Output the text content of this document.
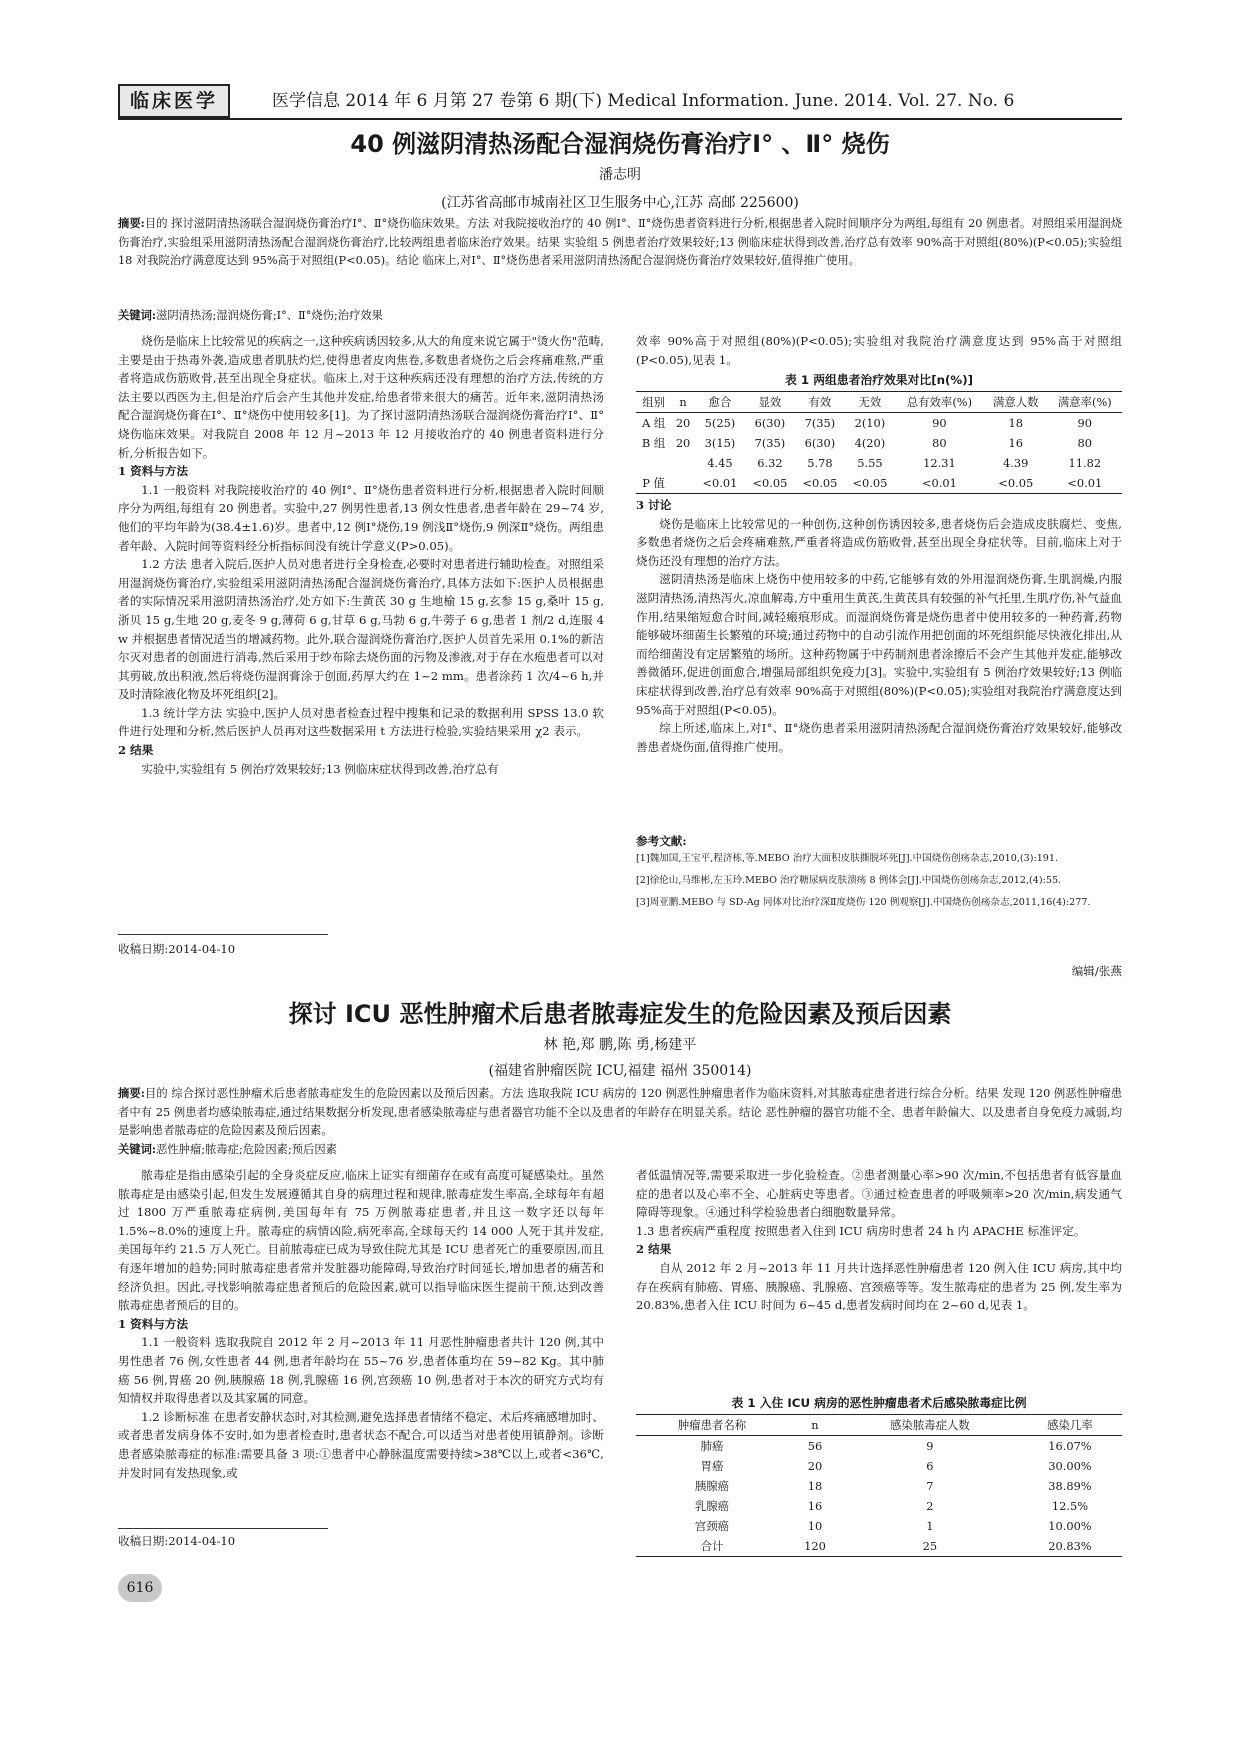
临床医学	医学信息 2014 年 6 月第 27 卷第 6 期(下) Medical Information. June. 2014. Vol. 27. No. 6
40 例滋阴清热汤配合湿润烧伤膏治疗Ⅰ° 、Ⅱ° 烧伤
潘志明
(江苏省高邮市城南社区卫生服务中心,江苏 高邮 225600)
摘要:目的 探讨滋阴清热汤联合湿润烧伤膏治疗Ⅰ°、Ⅱ°烧伤临床效果。方法 对我院接收治疗的 40 例Ⅰ°、Ⅱ°烧伤患者资料进行分析,根据患者入院时间顺序分为两组,每组有 20 例患者。对照组采用湿润烧伤膏治疗,实验组采用滋阴清热汤配合湿润烧伤膏治疗,比较两组患者临床治疗效果。结果 实验组 5 例患者治疗效果较好;13 例临床症状得到改善,治疗总有效率 90%高于对照组(80%)(P<0.05);实验组 18 对我院治疗满意度达到 95%高于对照组(P<0.05)。结论 临床上,对Ⅰ°、Ⅱ°烧伤患者采用滋阴清热汤配合湿润烧伤膏治疗效果较好,值得推广使用。
关键词:滋阴清热汤;湿润烧伤膏;Ⅰ°、Ⅱ°烧伤;治疗效果

烧伤是临床上比较常见的疾病之一,这种疾病诱因较多,从大的角度来说它属于"烫火伤"范畴,主要是由于热毒外袭,造成患者肌肤灼烂,使得患者皮肉焦卷,多数患者烧伤之后会疼痛难熬,严重者将造成伤筋败骨,甚至出现全身症状。临床上,对于这种疾病还没有理想的治疗方法,传统的方法主要以西医为主,但是治疗后会产生其他并发症,给患者带来很大的痛苦。近年来,滋阴清热汤配合湿润烧伤膏在Ⅰ°、Ⅱ°烧伤中使用较多[1]。为了探讨滋阴清热汤联合湿润烧伤膏治疗Ⅰ°、Ⅱ°烧伤临床效果。对我院自 2008 年 12 月~2013 年 12 月接收治疗的 40 例患者资料进行分析,分析报告如下。

1 资料与方法

1.1 一般资料 对我院接收治疗的 40 例Ⅰ°、Ⅱ°烧伤患者资料进行分析,根据患者入院时间顺序分为两组,每组有 20 例患者。实验中,27 例男性患者,13 例女性患者,患者年龄在 29~74 岁,他们的平均年龄为(38.4±1.6)岁。患者中,12 例Ⅰ°烧伤,19 例浅Ⅱ°烧伤,9 例深Ⅱ°烧伤。两组患者年龄、入院时间等资料经分析指标间没有统计学意义(P>0.05)。

1.2 方法 患者入院后,医护人员对患者进行全身检查,必要时对患者进行辅助检查。对照组采用湿润烧伤膏治疗,实验组采用滋阴清热汤配合湿润烧伤膏治疗,具体方法如下:医护人员根据患者的实际情况采用滋阴清热汤治疗,处方如下:生黄芪 30 g 生地榆 15 g,玄参 15 g,桑叶 15 g,浙贝 15 g,生地 20 g,麦冬 9 g,薄荷 6 g,甘草 6 g,马勃 6 g,牛蒡子 6 g,患者 1 剂/2 d,连服 4 w 并根据患者情况适当的增减药物。此外,联合湿润烧伤膏治疗,医护人员首先采用 0.1%的新洁尔灭对患者的创面进行消毒,然后采用于纱布除去烧伤面的污物及渗液,对于存在水疱患者可以对其剪破,放出积液,然后将烧伤湿润膏涂于创面,药厚大约在 1~2 mm。患者涂药 1 次/4~6 h,并及时清除液化物及坏死组织[2]。

1.3 统计学方法 实验中,医护人员对患者检查过程中搜集和记录的数据利用 SPSS 13.0 软件进行处理和分析,然后医护人员再对这些数据采用 t 方法进行检验,实验结果采用 χ2 表示。

2 结果

实验中,实验组有 5 例治疗效果较好;13 例临床症状得到改善,治疗总有

收稿日期:2014-04-10
效率 90%高于对照组(80%)(P<0.05);实验组对我院治疗满意度达到 95%高于对照组(P<0.05),见表 1。
表 1 两组患者治疗效果对比[n(%)]
组别	n	愈合	显效	有效	无效	总有效率(%)	满意人数	满意率(%)
A 组	20	5(25)	6(30)	7(35)	2(10)	90	18	90
B 组	20	3(15)	7(35)	6(30)	4(20)	80	16	80
		4.45	6.32	5.78	5.55	12.31	4.39	11.82
P 值		<0.01	<0.05	<0.05	<0.05	<0.01	<0.05	<0.01

3 讨论

烧伤是临床上比较常见的一种创伤,这种创伤诱因较多,患者烧伤后会造成皮肤腐烂、变焦,多数患者烧伤之后会疼痛难熬,严重者将造成伤筋败骨,甚至出现全身症状等。目前,临床上对于烧伤还没有理想的治疗方法。

滋阴清热汤是临床上烧伤中使用较多的中药,它能够有效的外用湿润烧伤膏,生肌润燥,内服滋阴清热汤,清热泻火,凉血解毒,方中重用生黄芪,生黄芪具有较强的补气托里,生肌疗伤,补气益血作用,结果缩短愈合时间,减轻瘢痕形成。而湿润烧伤膏是烧伤患者中使用较多的一种药膏,药物能够破坏细菌生长繁殖的环境;通过药物中的自动引流作用把创面的坏死组织能尽快液化排出,从而给细菌没有定居繁殖的场所。这种药物属于中药制剂患者涂擦后不会产生其他并发症,能够改善微循环,促进创面愈合,增强局部组织免疫力[3]。实验中,实验组有 5 例治疗效果较好;13 例临床症状得到改善,治疗总有效率 90%高于对照组(80%)(P<0.05);实验组对我院治疗满意度达到 95%高于对照组(P<0.05)。

综上所述,临床上,对Ⅰ°、Ⅱ°烧伤患者采用滋阴清热汤配合湿润烧伤膏治疗效果较好,能够改善患者烧伤面,值得推广使用。

参考文献:

[1]魏加国,王宝平,程济栋,等.MEBO 治疗大面积皮肤撕脱坏死[J].中国烧伤创疡杂志,2010,(3):191.

[2]徐伦山,马维彬,左玉玲.MEBO 治疗糖尿病皮肤溃疡 8 例体会[J].中国烧伤创疡杂志,2012,(4):55.

[3]周亚鹏.MEBO 与 SD-Ag 同体对比治疗深Ⅱ度烧伤 120 例观察[J].中国烧伤创疡杂志,2011,16(4):277.

编辑/张燕
探讨 ICU 恶性肿瘤术后患者脓毒症发生的危险因素及预后因素
林 艳,郑 鹏,陈 勇,杨建平
(福建省肿瘤医院 ICU,福建 福州 350014)
摘要:目的 综合探讨恶性肿瘤术后患者脓毒症发生的危险因素以及预后因素。方法 选取我院 ICU 病房的 120 例恶性肿瘤患者作为临床资料,对其脓毒症患者进行综合分析。结果 发现 120 例恶性肿瘤患者中有 25 例患者均感染脓毒症,通过结果数据分析发现,患者感染脓毒症与患者器官功能不全以及患者的年龄存在明显关系。结论 恶性肿瘤的器官功能不全、患者年龄偏大、以及患者自身免疫力减弱,均是影响患者脓毒症的危险因素及预后因素。
关键词:恶性肿瘤;脓毒症;危险因素;预后因素

脓毒症是指由感染引起的全身炎症反应,临床上证实有细菌存在或有高度可疑感染灶。虽然脓毒症是由感染引起,但发生发展遵循其自身的病理过程和规律,脓毒症发生率高,全球每年有超过 1800 万严重脓毒症病例,美国每年有 75 万例脓毒症患者,并且这一数字还以每年 1.5%~8.0%的速度上升。脓毒症的病情凶险,病死率高,全球每天约 14 000 人死于其并发症,美国每年约 21.5 万人死亡。目前脓毒症已成为导致住院尤其是 ICU 患者死亡的重要原因,而且有逐年增加的趋势;同时脓毒症患者常并发脏器功能障碍,导致治疗时间延长,增加患者的痛苦和经济负担。因此,寻找影响脓毒症患者预后的危险因素,就可以指导临床医生提前干预,达到改善脓毒症患者预后的目的。

1 资料与方法

1.1 一般资料 选取我院自 2012 年 2 月~2013 年 11 月恶性肿瘤患者共计 120 例,其中男性患者 76 例,女性患者 44 例,患者年龄均在 55~76 岁,患者体重均在 59~82 Kg。其中肺癌 56 例,胃癌 20 例,胰腺癌 18 例,乳腺癌 16 例,宫颈癌 10 例,患者对于本次的研究方式均有知情权并取得患者以及其家属的同意。

1.2 诊断标准 在患者安静状态时,对其检测,避免选择患者情绪不稳定、术后疼痛感增加时、或者患者发病身体不安时,如为患者检查时,患者状态不配合,可以适当对患者使用镇静剂。诊断患者感染脓毒症的标准:需要具备 3 项:①患者中心静脉温度需要持续>38℃以上,或者<36℃,并发时同有发热现象,或

收稿日期:2014-04-10

者低温情况等,需要采取进一步化验检查。②患者测量心率>90 次/min,不包括患者有低容量血症的患者以及心率不全、心脏病史等患者。③通过检查患者的呼吸频率>20 次/min,病发通气障碍等现象。④通过科学检验患者白细胞数量异常。

1.3 患者疾病严重程度 按照患者入住到 ICU 病房时患者 24 h 内 APACHE 标准评定。

2 结果

自从 2012 年 2 月~2013 年 11 月共计选择恶性肿瘤患者 120 例入住 ICU 病房,其中均存在疾病有肺癌、胃癌、胰腺癌、乳腺癌、宫颈癌等等。发生脓毒症的患者为 25 例,发生率为 20.83%,患者入住 ICU 时间为 6~45 d,患者发病时间均在 2~60 d,见表 1。

表 1 入住 ICU 病房的恶性肿瘤患者术后感染脓毒症比例
肿瘤患者名称	n	感染脓毒症人数	感染几率
肺癌	56	9	16.07%
胃癌	20	6	30.00%
胰腺癌	18	7	38.89%
乳腺癌	16	2	12.5%
宫颈癌	10	1	10.00%
合计	120	25	20.83%
616
